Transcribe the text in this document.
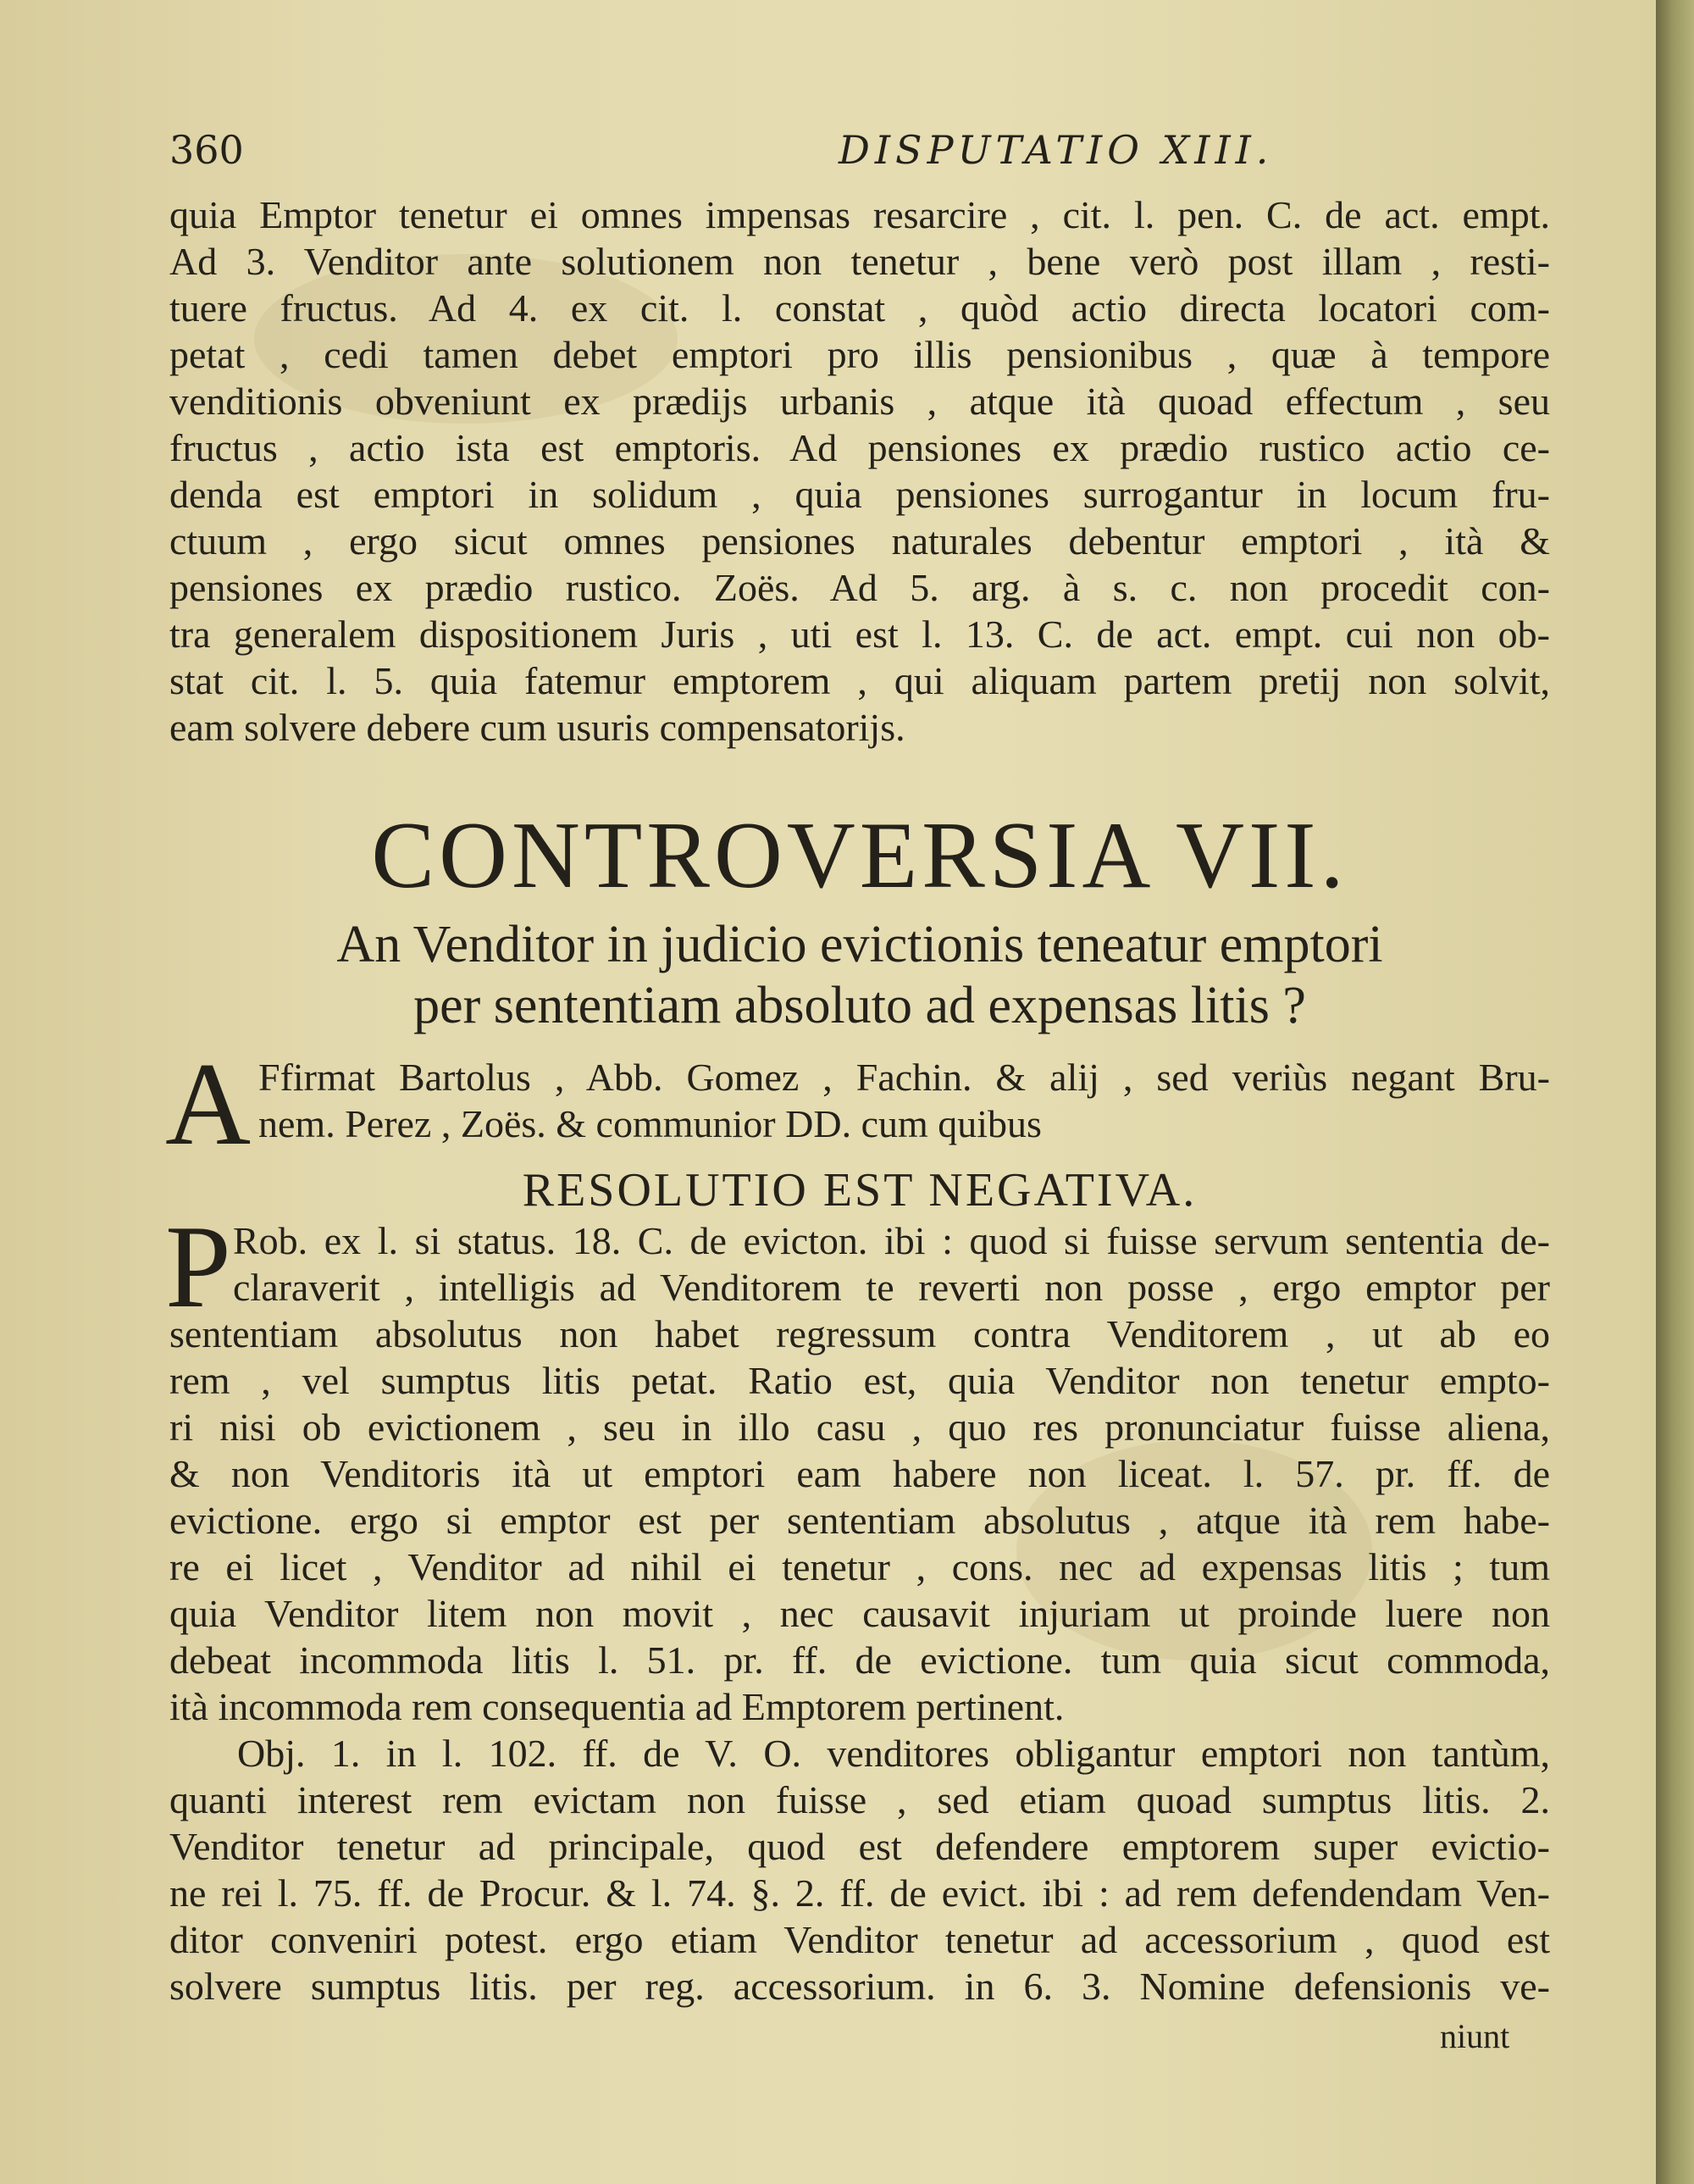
360	DISPUTATIO XIII.
quia Emptor tenetur ei omnes impensas resarcire , cit. l. pen. C. de act. empt.
Ad 3. Venditor ante solutionem non tenetur , bene verò post illam , resti-
tuere fructus. Ad 4. ex cit. l. constat , quòd actio directa locatori com-
petat , cedi tamen debet emptori pro illis pensionibus , quæ à tempore
venditionis obveniunt ex prædijs urbanis , atque ità quoad effectum , seu
fructus , actio ista est emptoris. Ad pensiones ex prædio rustico actio ce-
denda est emptori in solidum , quia pensiones surrogantur in locum fru-
ctuum , ergo sicut omnes pensiones naturales debentur emptori , ità &
pensiones ex prædio rustico. Zoës. Ad 5. arg. à s. c. non procedit con-
tra generalem dispositionem Juris , uti est l. 13. C. de act. empt. cui non ob-
stat cit. l. 5. quia fatemur emptorem , qui aliquam partem pretij non solvit,
eam solvere debere cum usuris compensatorijs.
CONTROVERSIA VII.
An Venditor in judicio evictionis teneatur emptori
per sententiam absoluto ad expensas litis ?
A Ffirmat Bartolus , Abb. Gomez , Fachin. & alij , sed veriùs negant Bru-
nem. Perez , Zoës. & communior DD. cum quibus
RESOLUTIO EST NEGATIVA.
P Rob. ex l. si status. 18. C. de evicton. ibi : quod si fuisse servum sententia de-
claraverit , intelligis ad Venditorem te reverti non posse , ergo emptor per
sententiam absolutus non habet regressum contra Venditorem , ut ab eo
rem , vel sumptus litis petat. Ratio est, quia Venditor non tenetur empto-
ri nisi ob evictionem , seu in illo casu , quo res pronunciatur fuisse aliena,
& non Venditoris ità ut emptori eam habere non liceat. l. 57. pr. ff. de
evictione. ergo si emptor est per sententiam absolutus , atque ità rem habe-
re ei licet , Venditor ad nihil ei tenetur , cons. nec ad expensas litis ; tum
quia Venditor litem non movit , nec causavit injuriam ut proinde luere non
debeat incommoda litis l. 51. pr. ff. de evictione. tum quia sicut commoda,
ità incommoda rem consequentia ad Emptorem pertinent.
Obj. 1. in l. 102. ff. de V. O. venditores obligantur emptori non tantùm,
quanti interest rem evictam non fuisse , sed etiam quoad sumptus litis. 2.
Venditor tenetur ad principale, quod est defendere emptorem super evictio-
ne rei l. 75. ff. de Procur. & l. 74. §. 2. ff. de evict. ibi : ad rem defendendam Ven-
ditor conveniri potest. ergo etiam Venditor tenetur ad accessorium , quod est
solvere sumptus litis. per reg. accessorium. in 6. 3. Nomine defensionis ve-
niunt
